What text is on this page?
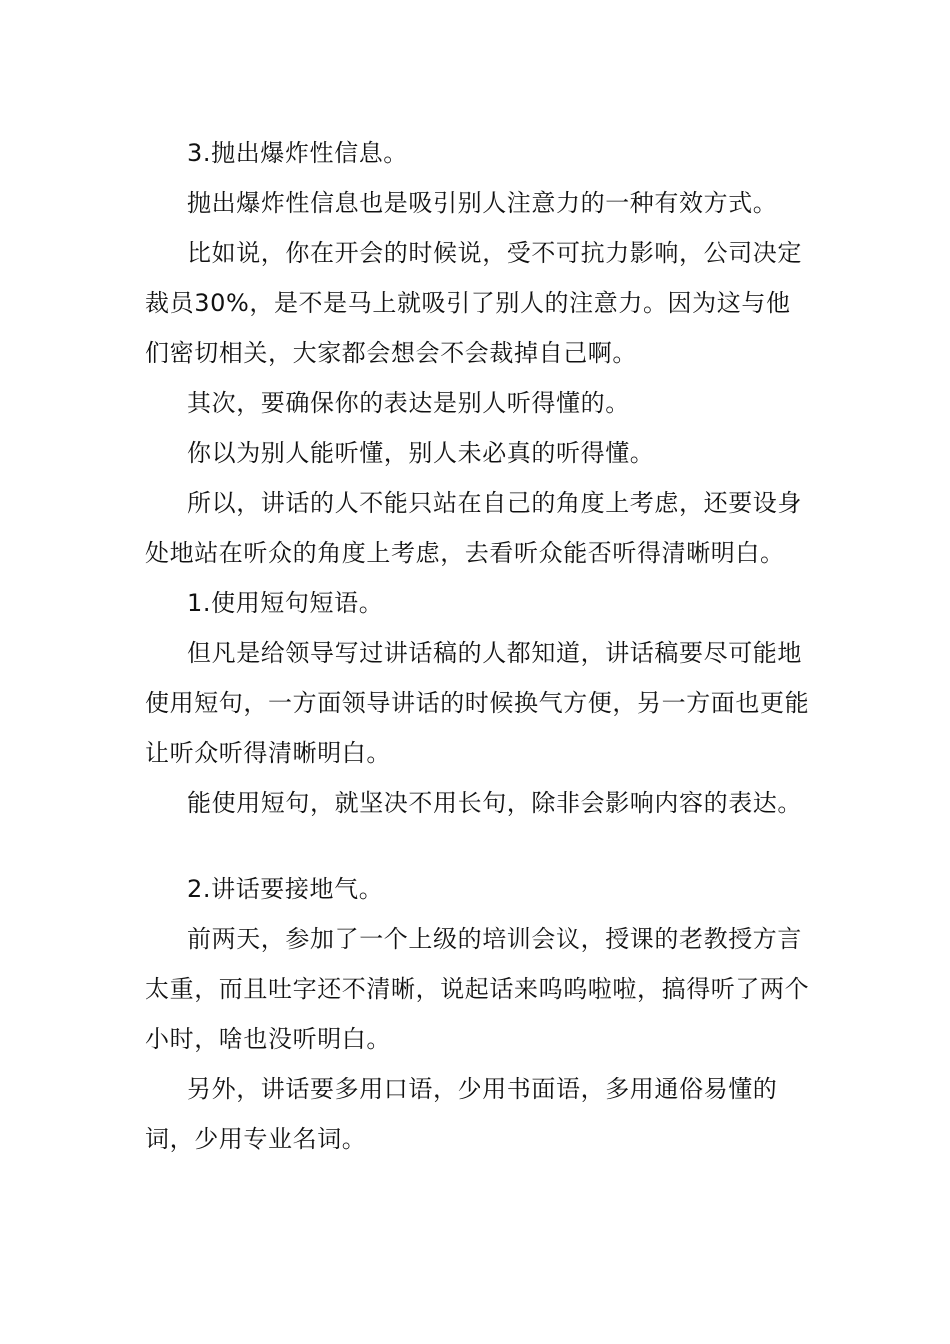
3.抛出爆炸性信息。

抛出爆炸性信息也是吸引别人注意力的一种有效方式。

比如说，你在开会的时候说，受不可抗力影响，公司决定裁员30%，是不是马上就吸引了别人的注意力。因为这与他们密切相关，大家都会想会不会裁掉自己啊。

其次，要确保你的表达是别人听得懂的。

你以为别人能听懂，别人未必真的听得懂。

所以，讲话的人不能只站在自己的角度上考虑，还要设身处地站在听众的角度上考虑，去看听众能否听得清晰明白。

1.使用短句短语。

但凡是给领导写过讲话稿的人都知道，讲话稿要尽可能地使用短句，一方面领导讲话的时候换气方便，另一方面也更能让听众听得清晰明白。

能使用短句，就坚决不用长句，除非会影响内容的表达。

2.讲话要接地气。

前两天，参加了一个上级的培训会议，授课的老教授方言太重，而且吐字还不清晰，说起话来呜呜啦啦，搞得听了两个小时，啥也没听明白。

另外，讲话要多用口语，少用书面语，多用通俗易懂的词，少用专业名词。
